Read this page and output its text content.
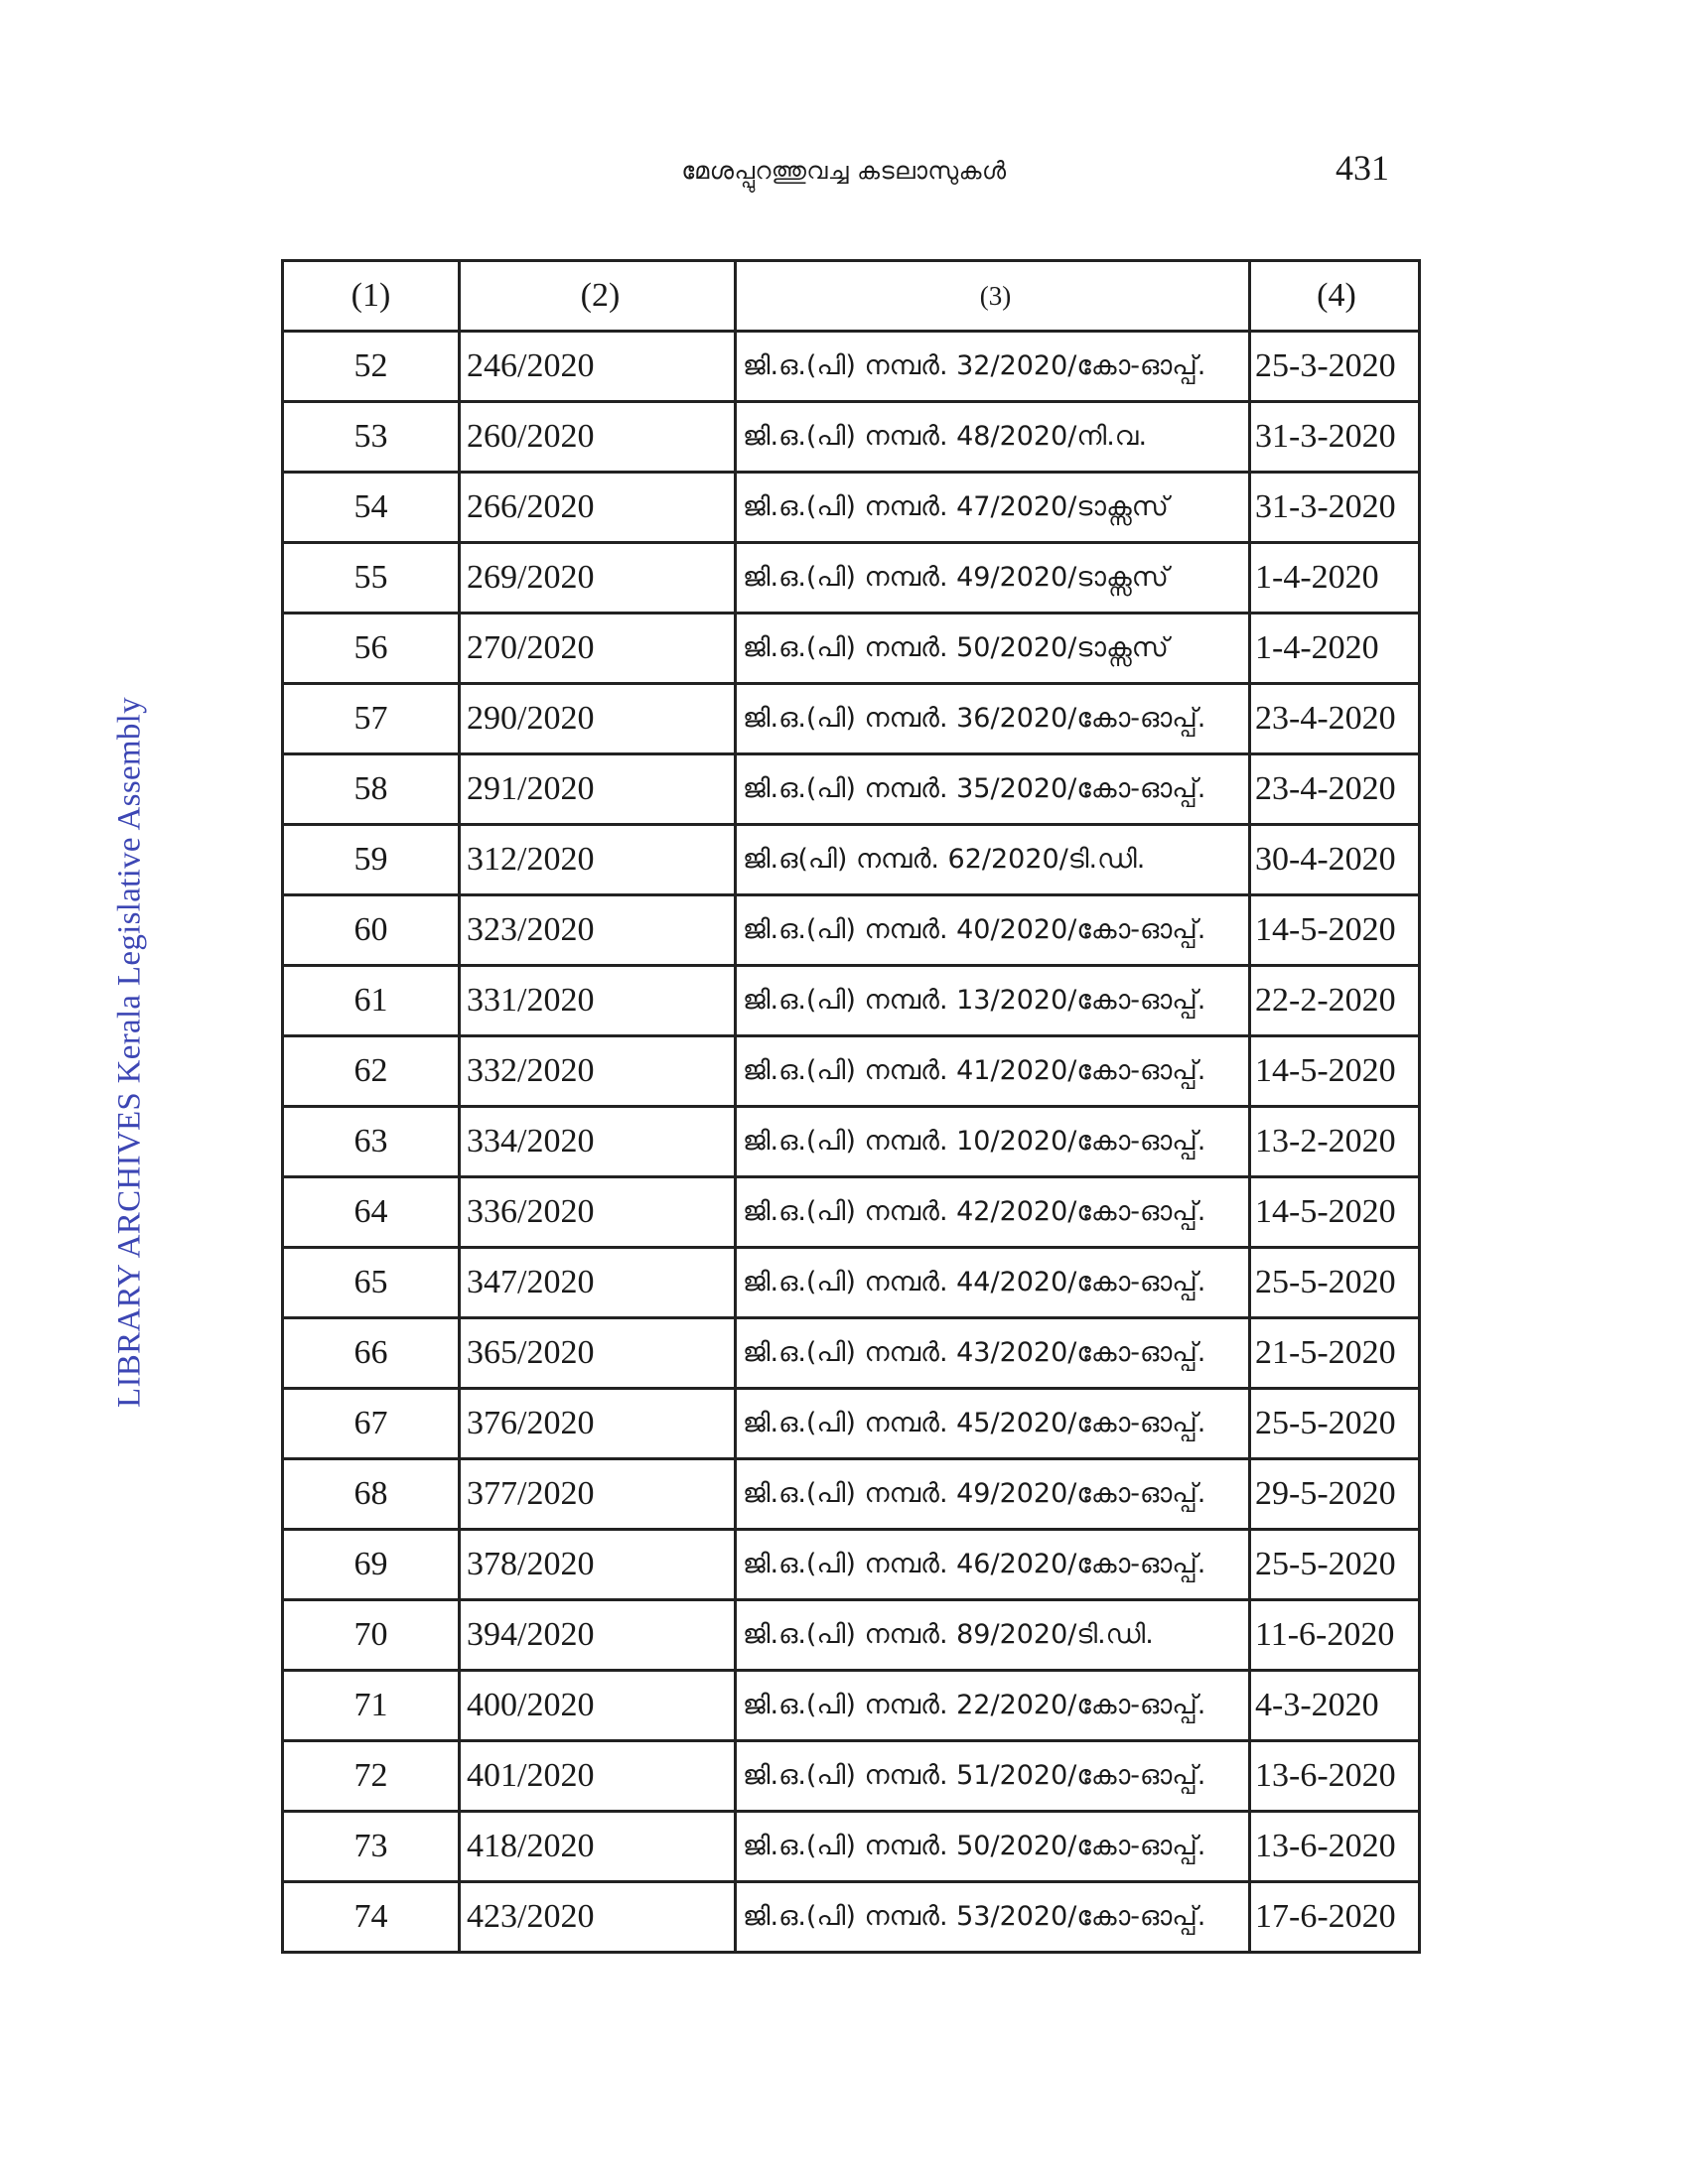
മേശപ്പുറത്തുവച്ച കടലാസുകൾ	431
LIBRARY ARCHIVES Kerala Legislative Assembly
(1)	(2)	(3)	(4)
52	246/2020	ജി.ഒ.(പി) നമ്പർ. 32/2020/കോ-ഓപ്പ്.	25-3-2020
53	260/2020	ജി.ഒ.(പി) നമ്പർ. 48/2020/നി.വ.	31-3-2020
54	266/2020	ജി.ഒ.(പി) നമ്പർ. 47/2020/ടാക്സസ്	31-3-2020
55	269/2020	ജി.ഒ.(പി) നമ്പർ. 49/2020/ടാക്സസ്	1-4-2020
56	270/2020	ജി.ഒ.(പി) നമ്പർ. 50/2020/ടാക്സസ്	1-4-2020
57	290/2020	ജി.ഒ.(പി) നമ്പർ. 36/2020/കോ-ഓപ്പ്.	23-4-2020
58	291/2020	ജി.ഒ.(പി) നമ്പർ. 35/2020/കോ-ഓപ്പ്.	23-4-2020
59	312/2020	ജി.ഒ(പി) നമ്പർ. 62/2020/ടി.ഡി.	30-4-2020
60	323/2020	ജി.ഒ.(പി) നമ്പർ. 40/2020/കോ-ഓപ്പ്.	14-5-2020
61	331/2020	ജി.ഒ.(പി) നമ്പർ. 13/2020/കോ-ഓപ്പ്.	22-2-2020
62	332/2020	ജി.ഒ.(പി) നമ്പർ. 41/2020/കോ-ഓപ്പ്.	14-5-2020
63	334/2020	ജി.ഒ.(പി) നമ്പർ. 10/2020/കോ-ഓപ്പ്.	13-2-2020
64	336/2020	ജി.ഒ.(പി) നമ്പർ. 42/2020/കോ-ഓപ്പ്.	14-5-2020
65	347/2020	ജി.ഒ.(പി) നമ്പർ. 44/2020/കോ-ഓപ്പ്.	25-5-2020
66	365/2020	ജി.ഒ.(പി) നമ്പർ. 43/2020/കോ-ഓപ്പ്.	21-5-2020
67	376/2020	ജി.ഒ.(പി) നമ്പർ. 45/2020/കോ-ഓപ്പ്.	25-5-2020
68	377/2020	ജി.ഒ.(പി) നമ്പർ. 49/2020/കോ-ഓപ്പ്.	29-5-2020
69	378/2020	ജി.ഒ.(പി) നമ്പർ. 46/2020/കോ-ഓപ്പ്.	25-5-2020
70	394/2020	ജി.ഒ.(പി) നമ്പർ. 89/2020/ടി.ഡി.	11-6-2020
71	400/2020	ജി.ഒ.(പി) നമ്പർ. 22/2020/കോ-ഓപ്പ്.	4-3-2020
72	401/2020	ജി.ഒ.(പി) നമ്പർ. 51/2020/കോ-ഓപ്പ്.	13-6-2020
73	418/2020	ജി.ഒ.(പി) നമ്പർ. 50/2020/കോ-ഓപ്പ്.	13-6-2020
74	423/2020	ജി.ഒ.(പി) നമ്പർ. 53/2020/കോ-ഓപ്പ്.	17-6-2020
